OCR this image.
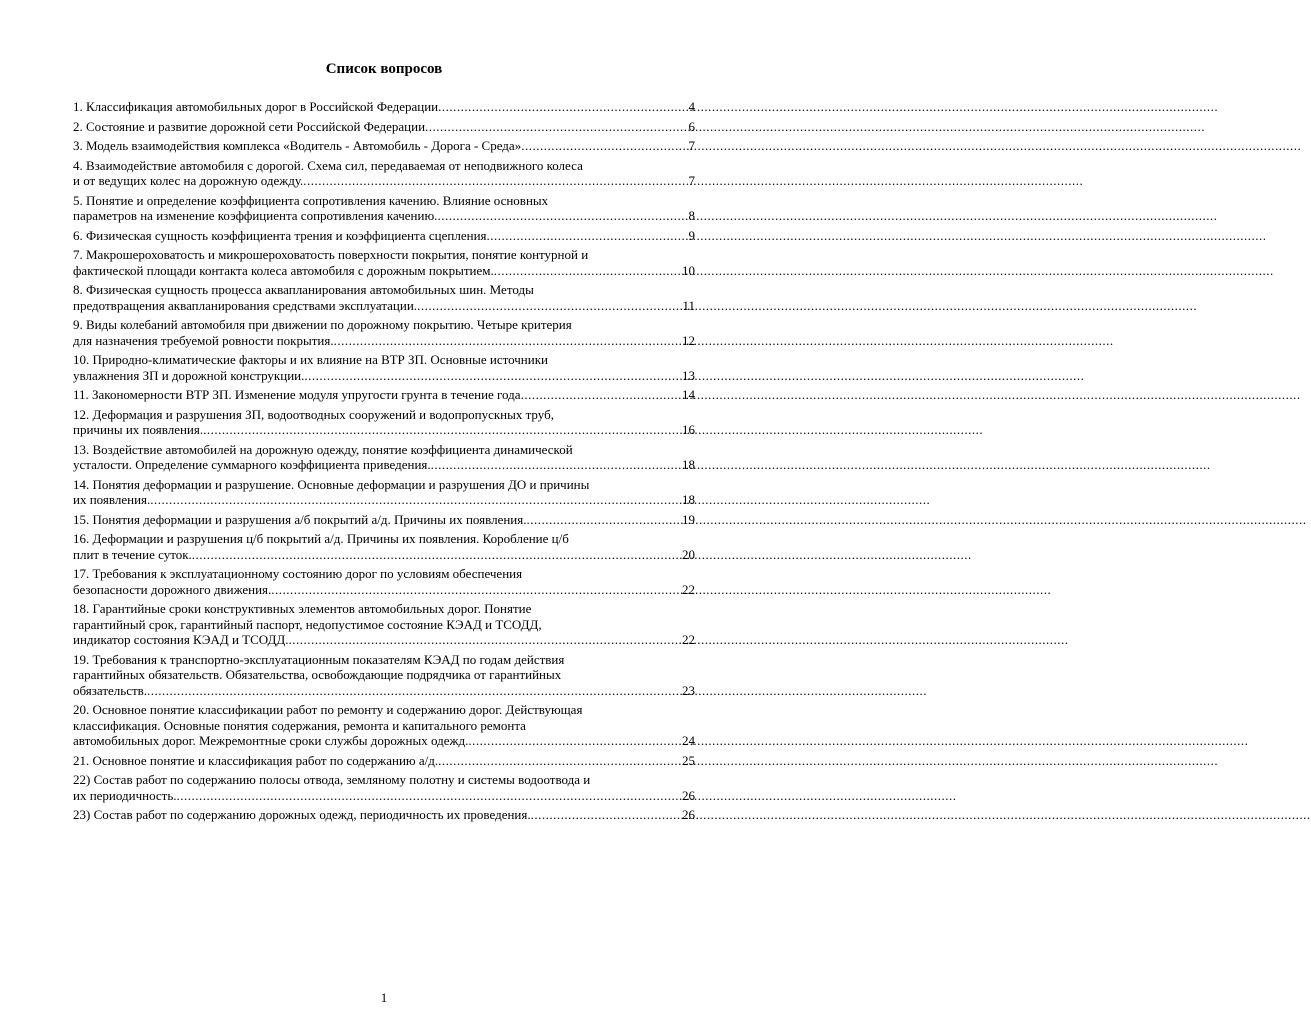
Список вопросов
1. Классификация автомобильных дорог в Российской Федерации .....	4
2. Состояние и развитие дорожной сети Российской Федерации .....	6
3. Модель взаимодействия комплекса «Водитель - Автомобиль - Дорога - Среда» .....	7
4. Взаимодействие автомобиля с дорогой. Схема сил, передаваемая от неподвижного колеса
и от ведущих колес на дорожную одежду. .....	7
5. Понятие и определение коэффициента сопротивления качению. Влияние основных
параметров на изменение коэффициента сопротивления качению. .....	8
6. Физическая сущность коэффициента трения и коэффициента сцепления .....	9
7. Макрошероховатость и микрошероховатость поверхности покрытия, понятие контурной и
фактической площади контакта колеса автомобиля с дорожным покрытием. .....	10
8. Физическая сущность процесса аквапланирования автомобильных шин. Методы
предотвращения аквапланирования средствами эксплуатации. .....	11
9. Виды колебаний автомобиля при движении по дорожному покрытию. Четыре критерия
для назначения требуемой ровности покрытия. .....	12
10. Природно-климатические факторы и их влияние на ВТР ЗП. Основные источники
увлажнения ЗП и дорожной конструкции. .....	13
11. Закономерности ВТР ЗП. Изменение модуля упругости грунта в течение года .....	14
12. Деформация и разрушения ЗП, водоотводных сооружений и водопропускных труб,
причины их появления. .....	16
13. Воздействие автомобилей на дорожную одежду, понятие коэффициента динамической
усталости. Определение суммарного коэффициента приведения. .....	18
14. Понятия деформации и разрушение. Основные деформации и разрушения ДО и причины
их появления. .....	18
15. Понятия деформации и разрушения а/б покрытий а/д. Причины их появления. .....	19
16. Деформации и разрушения ц/б покрытий а/д. Причины их появления. Коробление ц/б
плит в течение суток. .....	20
17. Требования к эксплуатационному состоянию дорог по условиям обеспечения
безопасности дорожного движения. .....	22
18. Гарантийные сроки конструктивных элементов автомобильных дорог. Понятие
гарантийный срок, гарантийный паспорт, недопустимое состояние КЭАД и ТСОДД,
индикатор состояния КЭАД и ТСОДД. .....	22
19. Требования к транспортно-эксплуатационным показателям КЭАД по годам действия
гарантийных обязательств. Обязательства, освобождающие подрядчика от гарантийных
обязательств. .....	23
20. Основное понятие классификации работ по ремонту и содержанию дорог. Действующая
классификация. Основные понятия содержания, ремонта и капитального ремонта
автомобильных дорог. Межремонтные сроки службы дорожных одежд. .....	24
21. Основное понятие и классификация работ по содержанию а/д. .....	25
22) Состав работ по содержанию полосы отвода, земляному полотну и системы водоотвода и
их периодичность. .....	26
23) Состав работ по содержанию дорожных одежд, периодичность их проведения. .....	26
1
